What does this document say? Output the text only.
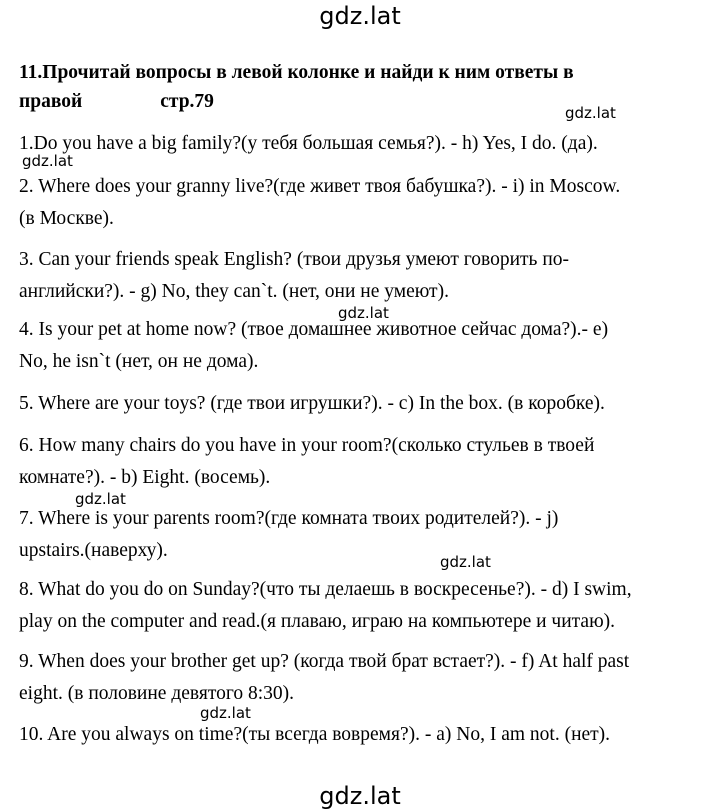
gdz.lat
11.Прочитай вопросы в левой колонке и найди к ним ответы в
правой	стр.79
gdz.lat
gdz.lat
gdz.lat
gdz.lat
gdz.lat
gdz.lat
1.Do you have a big family?(у тебя большая семья?). - h) Yes, I do. (да).
2. Where does your granny live?(где живет твоя бабушка?). - i) in Moscow.
(в Москве).
3. Can your friends speak English? (твои друзья умеют говорить по-
английски?). - g) No, they can`t. (нет, они не умеют).
4. Is your pet at home now? (твое домашнее животное сейчас дома?).- e)
No, he isn`t (нет, он не дома).
5. Where are your toys? (где твои игрушки?). - c) In the box. (в коробке).
6. How many chairs do you have in your room?(сколько стульев в твоей
комнате?). - b) Eight. (восемь).
7. Where is your parents room?(где комната твоих родителей?). - j)
upstairs.(наверху).
8. What do you do on Sunday?(что ты делаешь в воскресенье?). - d) I swim,
play on the computer and read.(я плаваю, играю на компьютере и читаю).
9. When does your brother get up? (когда твой брат встает?). - f) At half past
eight. (в половине девятого 8:30).
10. Are you always on time?(ты всегда вовремя?). - a) No, I am not. (нет).
gdz.lat
